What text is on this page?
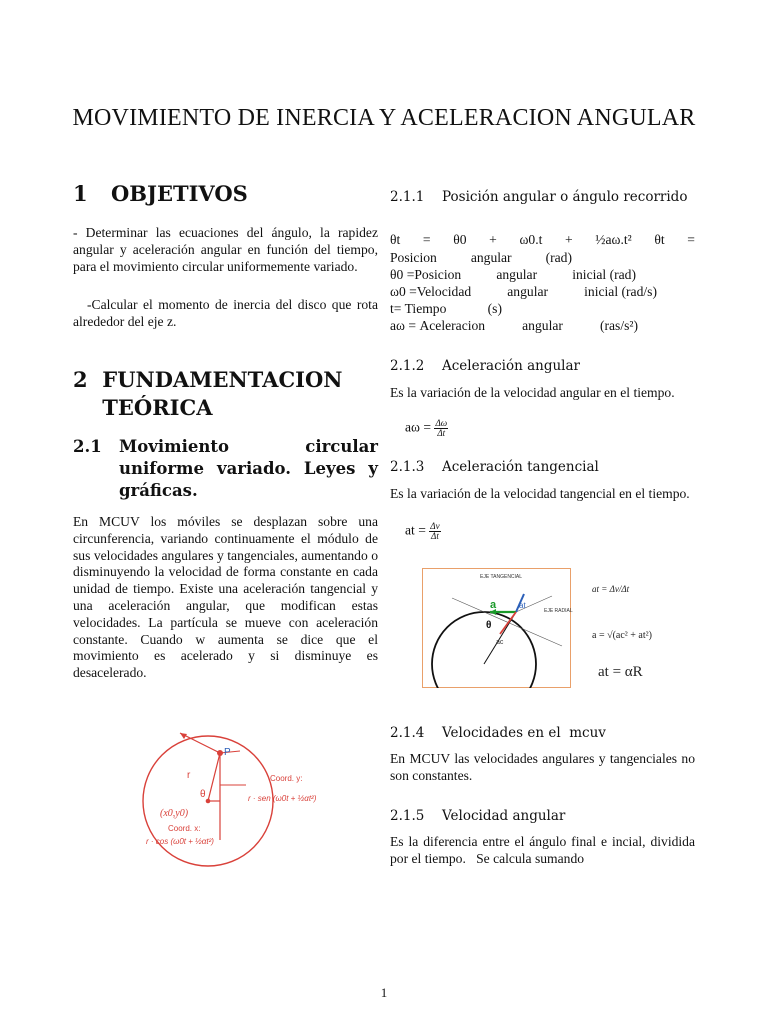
MOVIMIENTO DE INERCIA Y ACELERACION ANGULAR
1 OBJETIVOS
- Determinar las ecuaciones del ángulo, la rapidez angular y aceleración angular en función del tiempo, para el movimiento circular uniformemente variado.
-Calcular el momento de inercia del disco que rota alrededor del eje z.
2 FUNDAMENTACION TEÓRICA
2.1	Movimiento circular uniforme variado. Leyes y gráficas.
En MCUV los móviles se desplazan sobre una circunferencia, variando continuamente el módulo de sus velocidades angulares y tangenciales, aumentando o disminuyendo la velocidad de forma constante en cada unidad de tiempo. Existe una aceleración tangencial y una aceleración angular, que modifican estas velocidades. La partícula se mueve con aceleración constante. Cuando w aumenta se dice que el movimiento es acelerado y si disminuye es desacelerado.
P
r
θ
(x0,y0)
Coord. y:
r · sen (ω0t + ½αt²)
Coord. x:
r · cos (ω0t + ½αt²)
2.1.1	Posición angular o ángulo recorrido
θt = θ0 + ω0.t + ½aω.t² θt =
Posicion angular (rad)
θ0 =Posicion	angular	inicial (rad)
ω0 =Velocidad	angular	inicial (rad/s)
t= Tiempo	(s)
aω = Aceleracion	angular	(ras/s²)
2.1.2 Aceleración angular
Es la variación de la velocidad angular en el tiempo.
$a\omega = \frac{\Delta\omega}{\Delta t}$
2.1.3 Aceleración tangencial
Es la variación de la velocidad tangencial en el tiempo.
at = $\frac{\Delta v}{\Delta t}$
EJE TANGENCIAL
EJE RADIAL
a	at
ac
θ
at = Δv/Δt
a = √(ac² + at²)
at = αR
2.1.4 Velocidades en el  mcuv
En MCUV las velocidades angulares y tangenciales no son constantes.
2.1.5 Velocidad angular
Es la diferencia entre el ángulo final e incial, dividida por el tiempo.   Se calcula sumando
1
